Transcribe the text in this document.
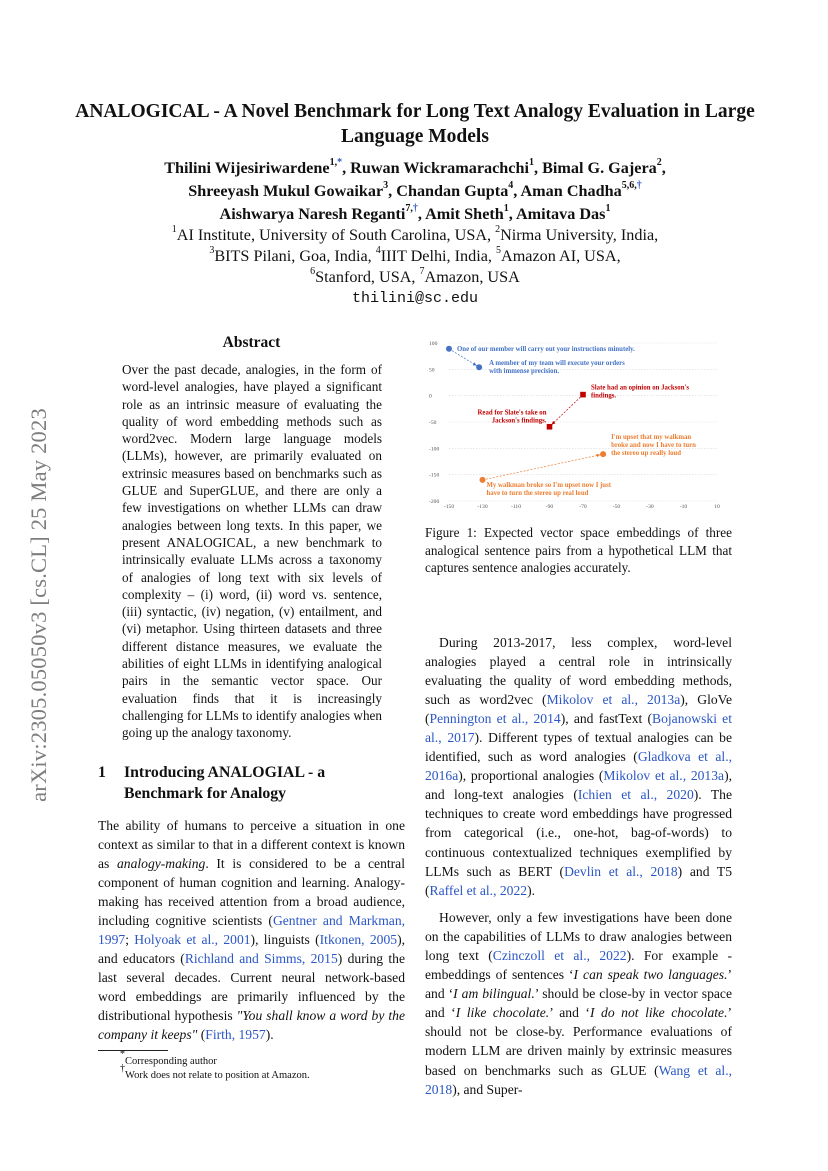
arXiv:2305.05050v3 [cs.CL] 25 May 2023
ANALOGICAL - A Novel Benchmark for Long Text Analogy Evaluation in Large Language Models
Thilini Wijesiriwardene$^{1,*}$, Ruwan Wickramarachchi$^1$, Bimal G. Gajera$^2$,
Shreeyash Mukul Gowaikar$^3$, Chandan Gupta$^4$, Aman Chadha$^{5,6,\dagger}$
Aishwarya Naresh Reganti$^{7,\dagger}$, Amit Sheth$^1$, Amitava Das$^1$
$^1$AI Institute, University of South Carolina, USA, $^2$Nirma University, India,
$^3$BITS Pilani, Goa, India, $^4$IIIT Delhi, India, $^5$Amazon AI, USA,
$^6$Stanford, USA, $^7$Amazon, USA
thilini@sc.edu
Abstract

Over the past decade, analogies, in the form of word-level analogies, have played a significant role as an intrinsic measure of evaluating the quality of word embedding methods such as word2vec. Modern large language models (LLMs), however, are primarily evaluated on extrinsic measures based on benchmarks such as GLUE and SuperGLUE, and there are only a few investigations on whether LLMs can draw analogies between long texts. In this paper, we present ANALOGICAL, a new benchmark to intrinsically evaluate LLMs across a taxonomy of analogies of long text with six levels of complexity – (i) word, (ii) word vs. sentence, (iii) syntactic, (iv) negation, (v) entailment, and (vi) metaphor. Using thirteen datasets and three different distance measures, we evaluate the abilities of eight LLMs in identifying analogical pairs in the semantic vector space. Our evaluation finds that it is increasingly challenging for LLMs to identify analogies when going up the analogy taxonomy.

1	Introducing ANALOGIAL - a Benchmark for Analogy

The ability of humans to perceive a situation in one context as similar to that in a different context is known as analogy-making. It is considered to be a central component of human cognition and learning. Analogy-making has received attention from a broad audience, including cognitive scientists (Gentner and Markman, 1997; Holyoak et al., 2001), linguists (Itkonen, 2005), and educators (Richland and Simms, 2015) during the last several decades. Current neural network-based word embeddings are primarily influenced by the distributional hypothesis "You shall know a word by the company it keeps" (Firth, 1957).

*Corresponding author
†Work does not relate to position at Amazon.
100
50
0
-50
-100
-150
-200
-150	-130	-110	-90	-70	-50	-30	-10	10
One of our member will carry out your instructions minutely.
A member of my team will execute your orders
with immense precision.
Read for Slate's take on
Jackson's findings.
Slate had an opinion on Jackson's
findings.
My walkman broke so I'm upset now I just
have to turn the stereo up real loud
I'm upset that my walkman
broke and now I have to turn
the stereo up really loud

Figure 1: Expected vector space embeddings of three analogical sentence pairs from a hypothetical LLM that captures sentence analogies accurately.

During 2013-2017, less complex, word-level analogies played a central role in intrinsically evaluating the quality of word embedding methods, such as word2vec (Mikolov et al., 2013a), GloVe (Pennington et al., 2014), and fastText (Bojanowski et al., 2017). Different types of textual analogies can be identified, such as word analogies (Gladkova et al., 2016a), proportional analogies (Mikolov et al., 2013a), and long-text analogies (Ichien et al., 2020). The techniques to create word embeddings have progressed from categorical (i.e., one-hot, bag-of-words) to continuous contextualized techniques exemplified by LLMs such as BERT (Devlin et al., 2018) and T5 (Raffel et al., 2022).

However, only a few investigations have been done on the capabilities of LLMs to draw analogies between long text (Czinczoll et al., 2022). For example - embeddings of sentences ‘I can speak two languages.’ and ‘I am bilingual.’ should be close-by in vector space and ‘I like chocolate.’ and ‘I do not like chocolate.’ should not be close-by. Performance evaluations of modern LLM are driven mainly by extrinsic measures based on benchmarks such as GLUE (Wang et al., 2018), and Super-
